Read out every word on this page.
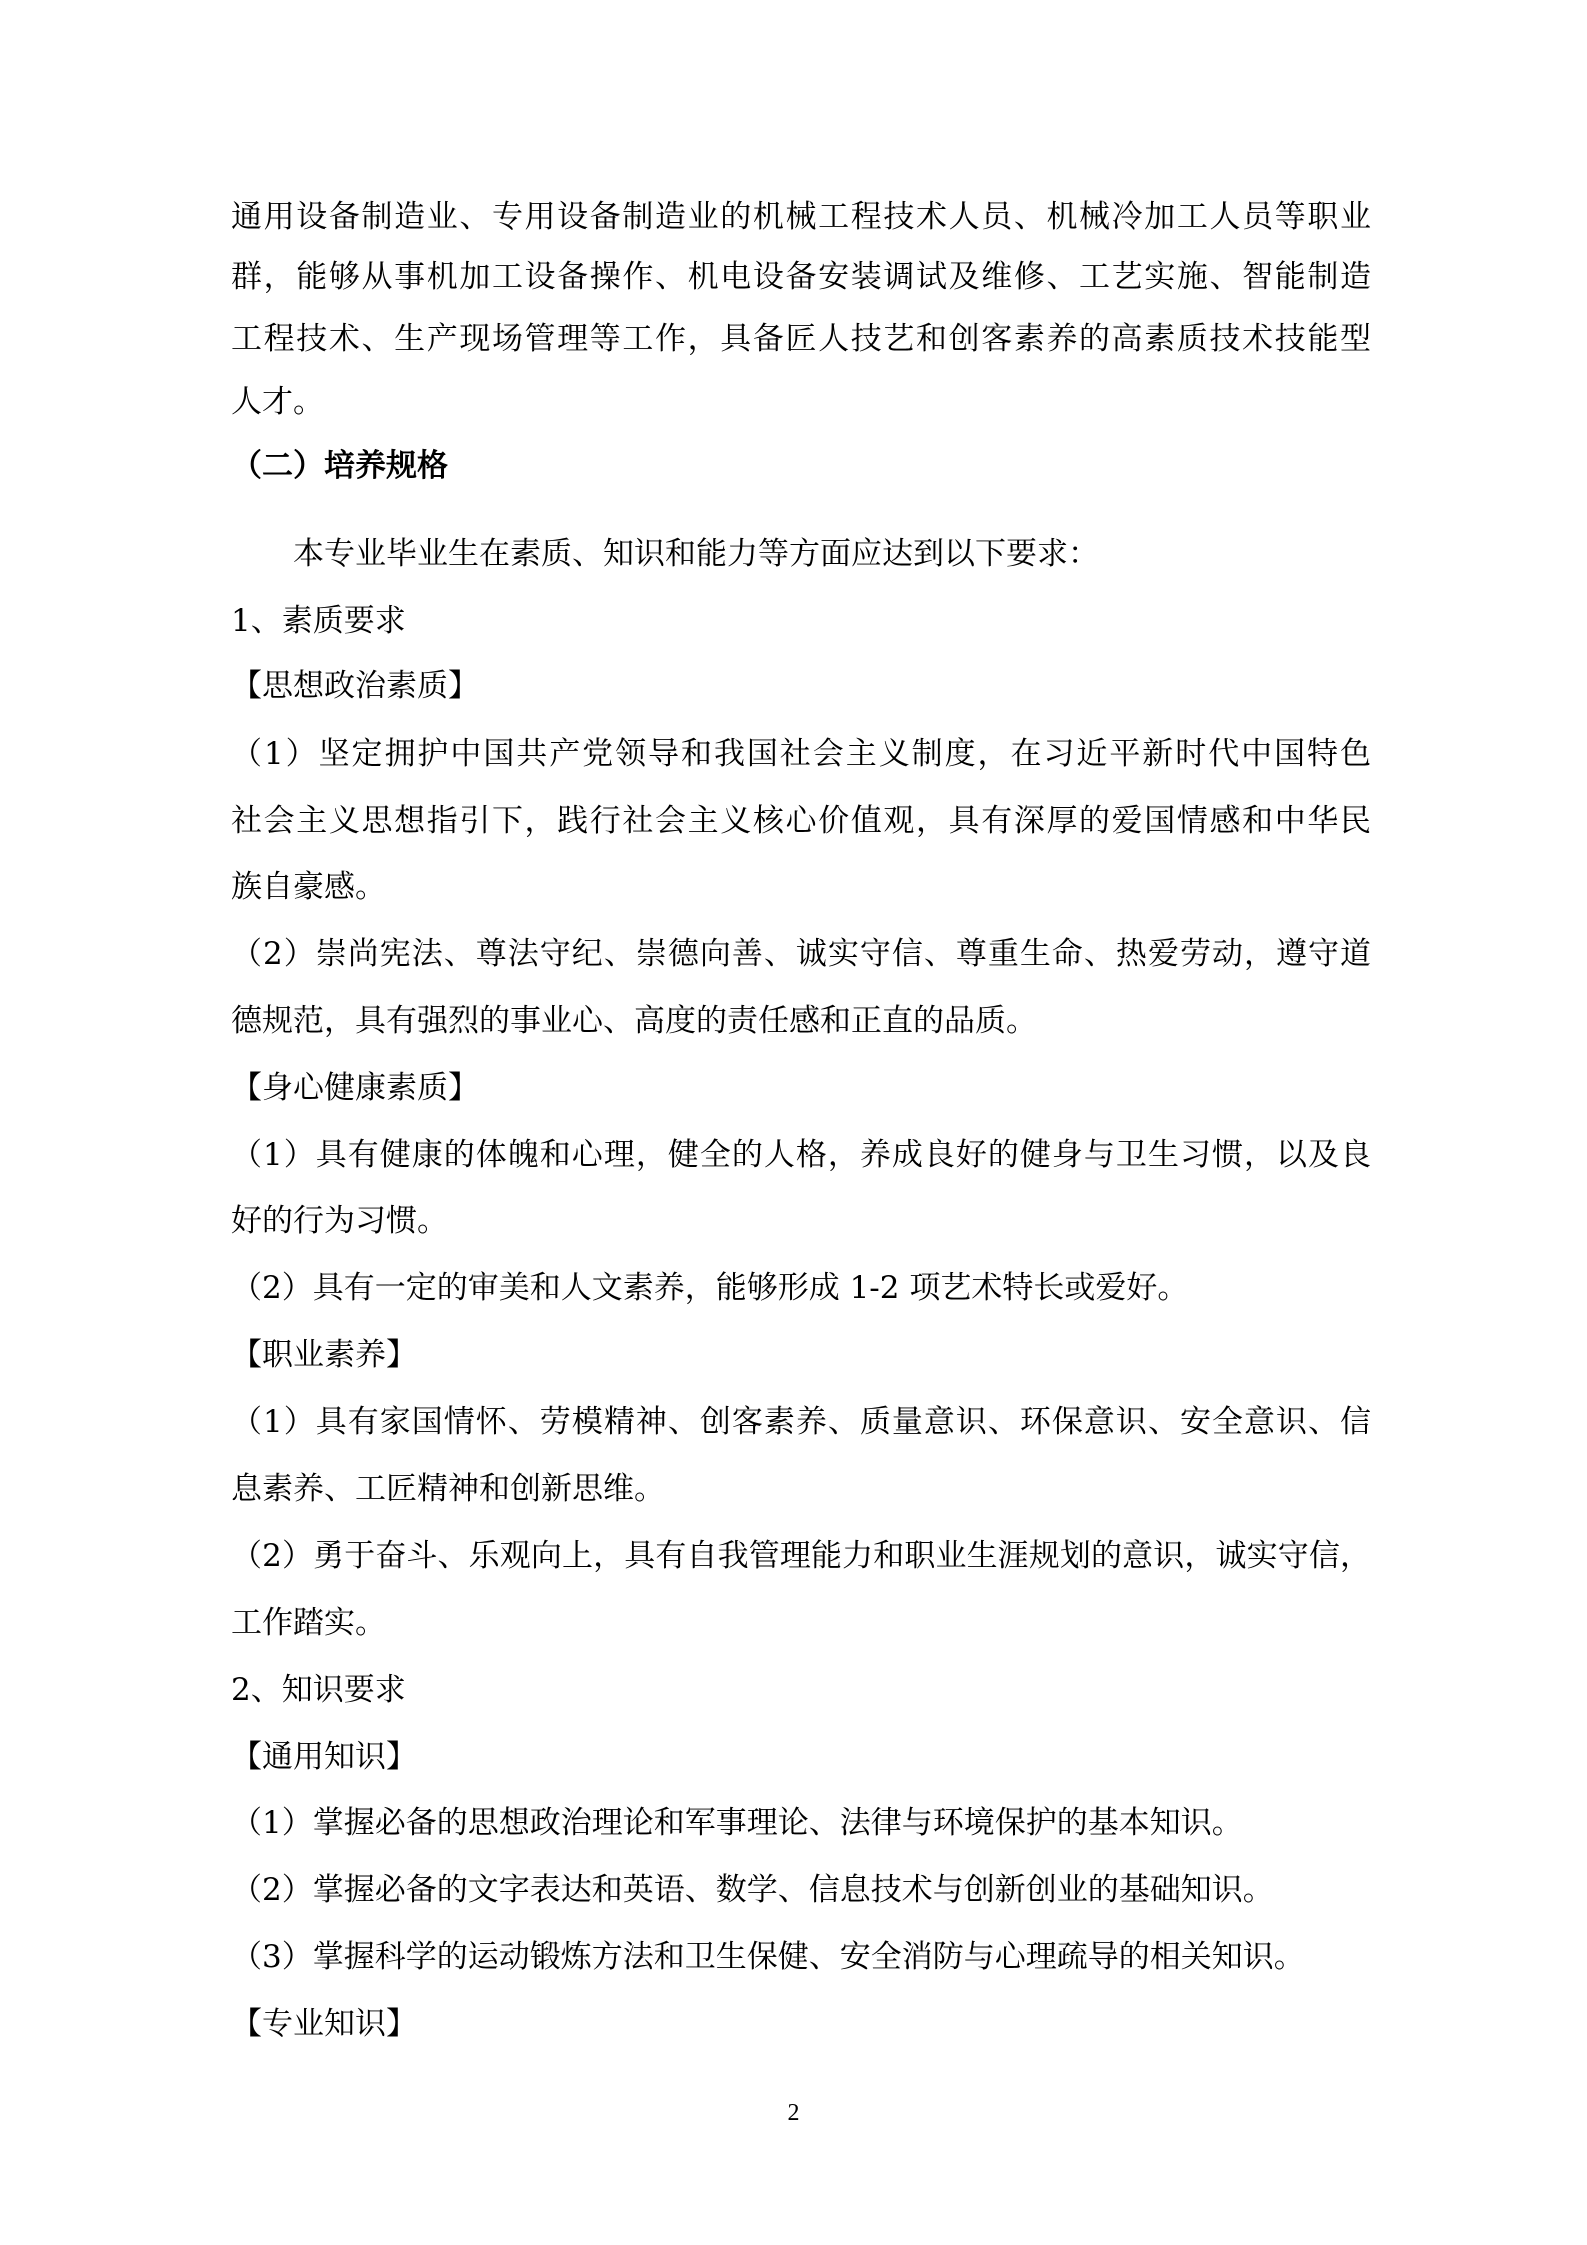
通用设备制造业、专用设备制造业的机械工程技术人员、机械冷加工人员等职业
群，能够从事机加工设备操作、机电设备安装调试及维修、工艺实施、智能制造
工程技术、生产现场管理等工作，具备匠人技艺和创客素养的高素质技术技能型
人才。
（二）培养规格
本专业毕业生在素质、知识和能力等方面应达到以下要求：
1、素质要求
【思想政治素质】
（1）坚定拥护中国共产党领导和我国社会主义制度，在习近平新时代中国特色
社会主义思想指引下，践行社会主义核心价值观，具有深厚的爱国情感和中华民
族自豪感。
（2）崇尚宪法、尊法守纪、崇德向善、诚实守信、尊重生命、热爱劳动，遵守道
德规范，具有强烈的事业心、高度的责任感和正直的品质。
【身心健康素质】
（1）具有健康的体魄和心理，健全的人格，养成良好的健身与卫生习惯，以及良
好的行为习惯。
（2）具有一定的审美和人文素养，能够形成 1-2 项艺术特长或爱好。
【职业素养】
（1）具有家国情怀、劳模精神、创客素养、质量意识、环保意识、安全意识、信
息素养、工匠精神和创新思维。
（2）勇于奋斗、乐观向上，具有自我管理能力和职业生涯规划的意识，诚实守信，
工作踏实。
2、知识要求
【通用知识】
（1）掌握必备的思想政治理论和军事理论、法律与环境保护的基本知识。
（2）掌握必备的文字表达和英语、数学、信息技术与创新创业的基础知识。
（3）掌握科学的运动锻炼方法和卫生保健、安全消防与心理疏导的相关知识。
【专业知识】
2
